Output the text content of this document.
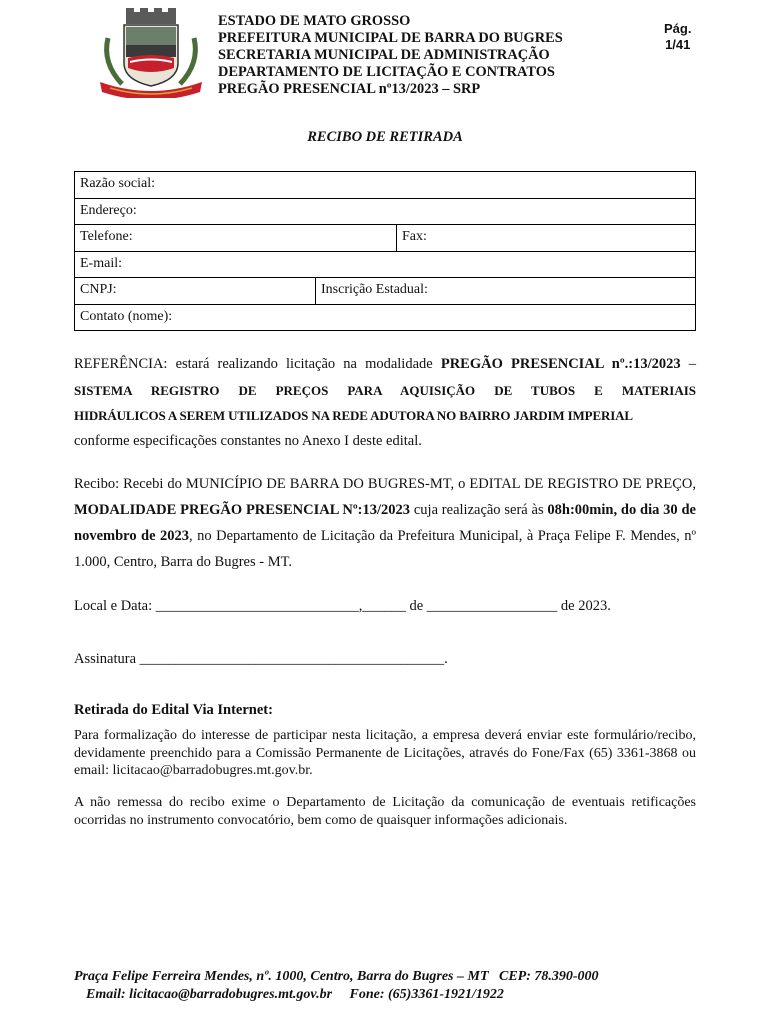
ESTADO DE MATO GROSSO
PREFEITURA MUNICIPAL DE BARRA DO BUGRES
SECRETARIA MUNICIPAL DE ADMINISTRAÇÃO
DEPARTAMENTO DE LICITAÇÃO E CONTRATOS
PREGÃO PRESENCIAL nº13/2023 – SRP
Pág.
1/41
RECIBO DE RETIRADA
Razão social:
Endereço:
Telefone:	Fax:
E-mail:
CNPJ:	Inscrição Estadual:
Contato (nome):
REFERÊNCIA: estará realizando licitação na modalidade PREGÃO PRESENCIAL nº.:13/2023 –
SISTEMA REGISTRO DE PREÇOS PARA AQUISIÇÃO DE TUBOS E MATERIAIS
HIDRÁULICOS A SEREM UTILIZADOS NA REDE ADUTORA NO BAIRRO JARDIM IMPERIAL
conforme especificações constantes no Anexo I deste edital.
Recibo: Recebi do MUNICÍPIO DE BARRA DO BUGRES-MT, o EDITAL DE REGISTRO DE PREÇO, MODALIDADE PREGÃO PRESENCIAL Nº:13/2023 cuja realização será às 08h:00min, do dia 30 de novembro de 2023, no Departamento de Licitação da Prefeitura Municipal, à Praça Felipe F. Mendes, nº 1.000, Centro, Barra do Bugres - MT.
Local e Data: ____________________________,______ de __________________ de 2023.
Assinatura __________________________________________.
Retirada do Edital Via Internet:
Para formalização do interesse de participar nesta licitação, a empresa deverá enviar este formulário/recibo, devidamente preenchido para a Comissão Permanente de Licitações, através do Fone/Fax (65) 3361-3868 ou email: licitacao@barradobugres.mt.gov.br.
A não remessa do recibo exime o Departamento de Licitação da comunicação de eventuais retificações ocorridas no instrumento convocatório, bem como de quaisquer informações adicionais.
Praça Felipe Ferreira Mendes, nº. 1000, Centro, Barra do Bugres – MT   CEP: 78.390-000
Email: licitacao@barradobugres.mt.gov.br     Fone: (65)3361-1921/1922
